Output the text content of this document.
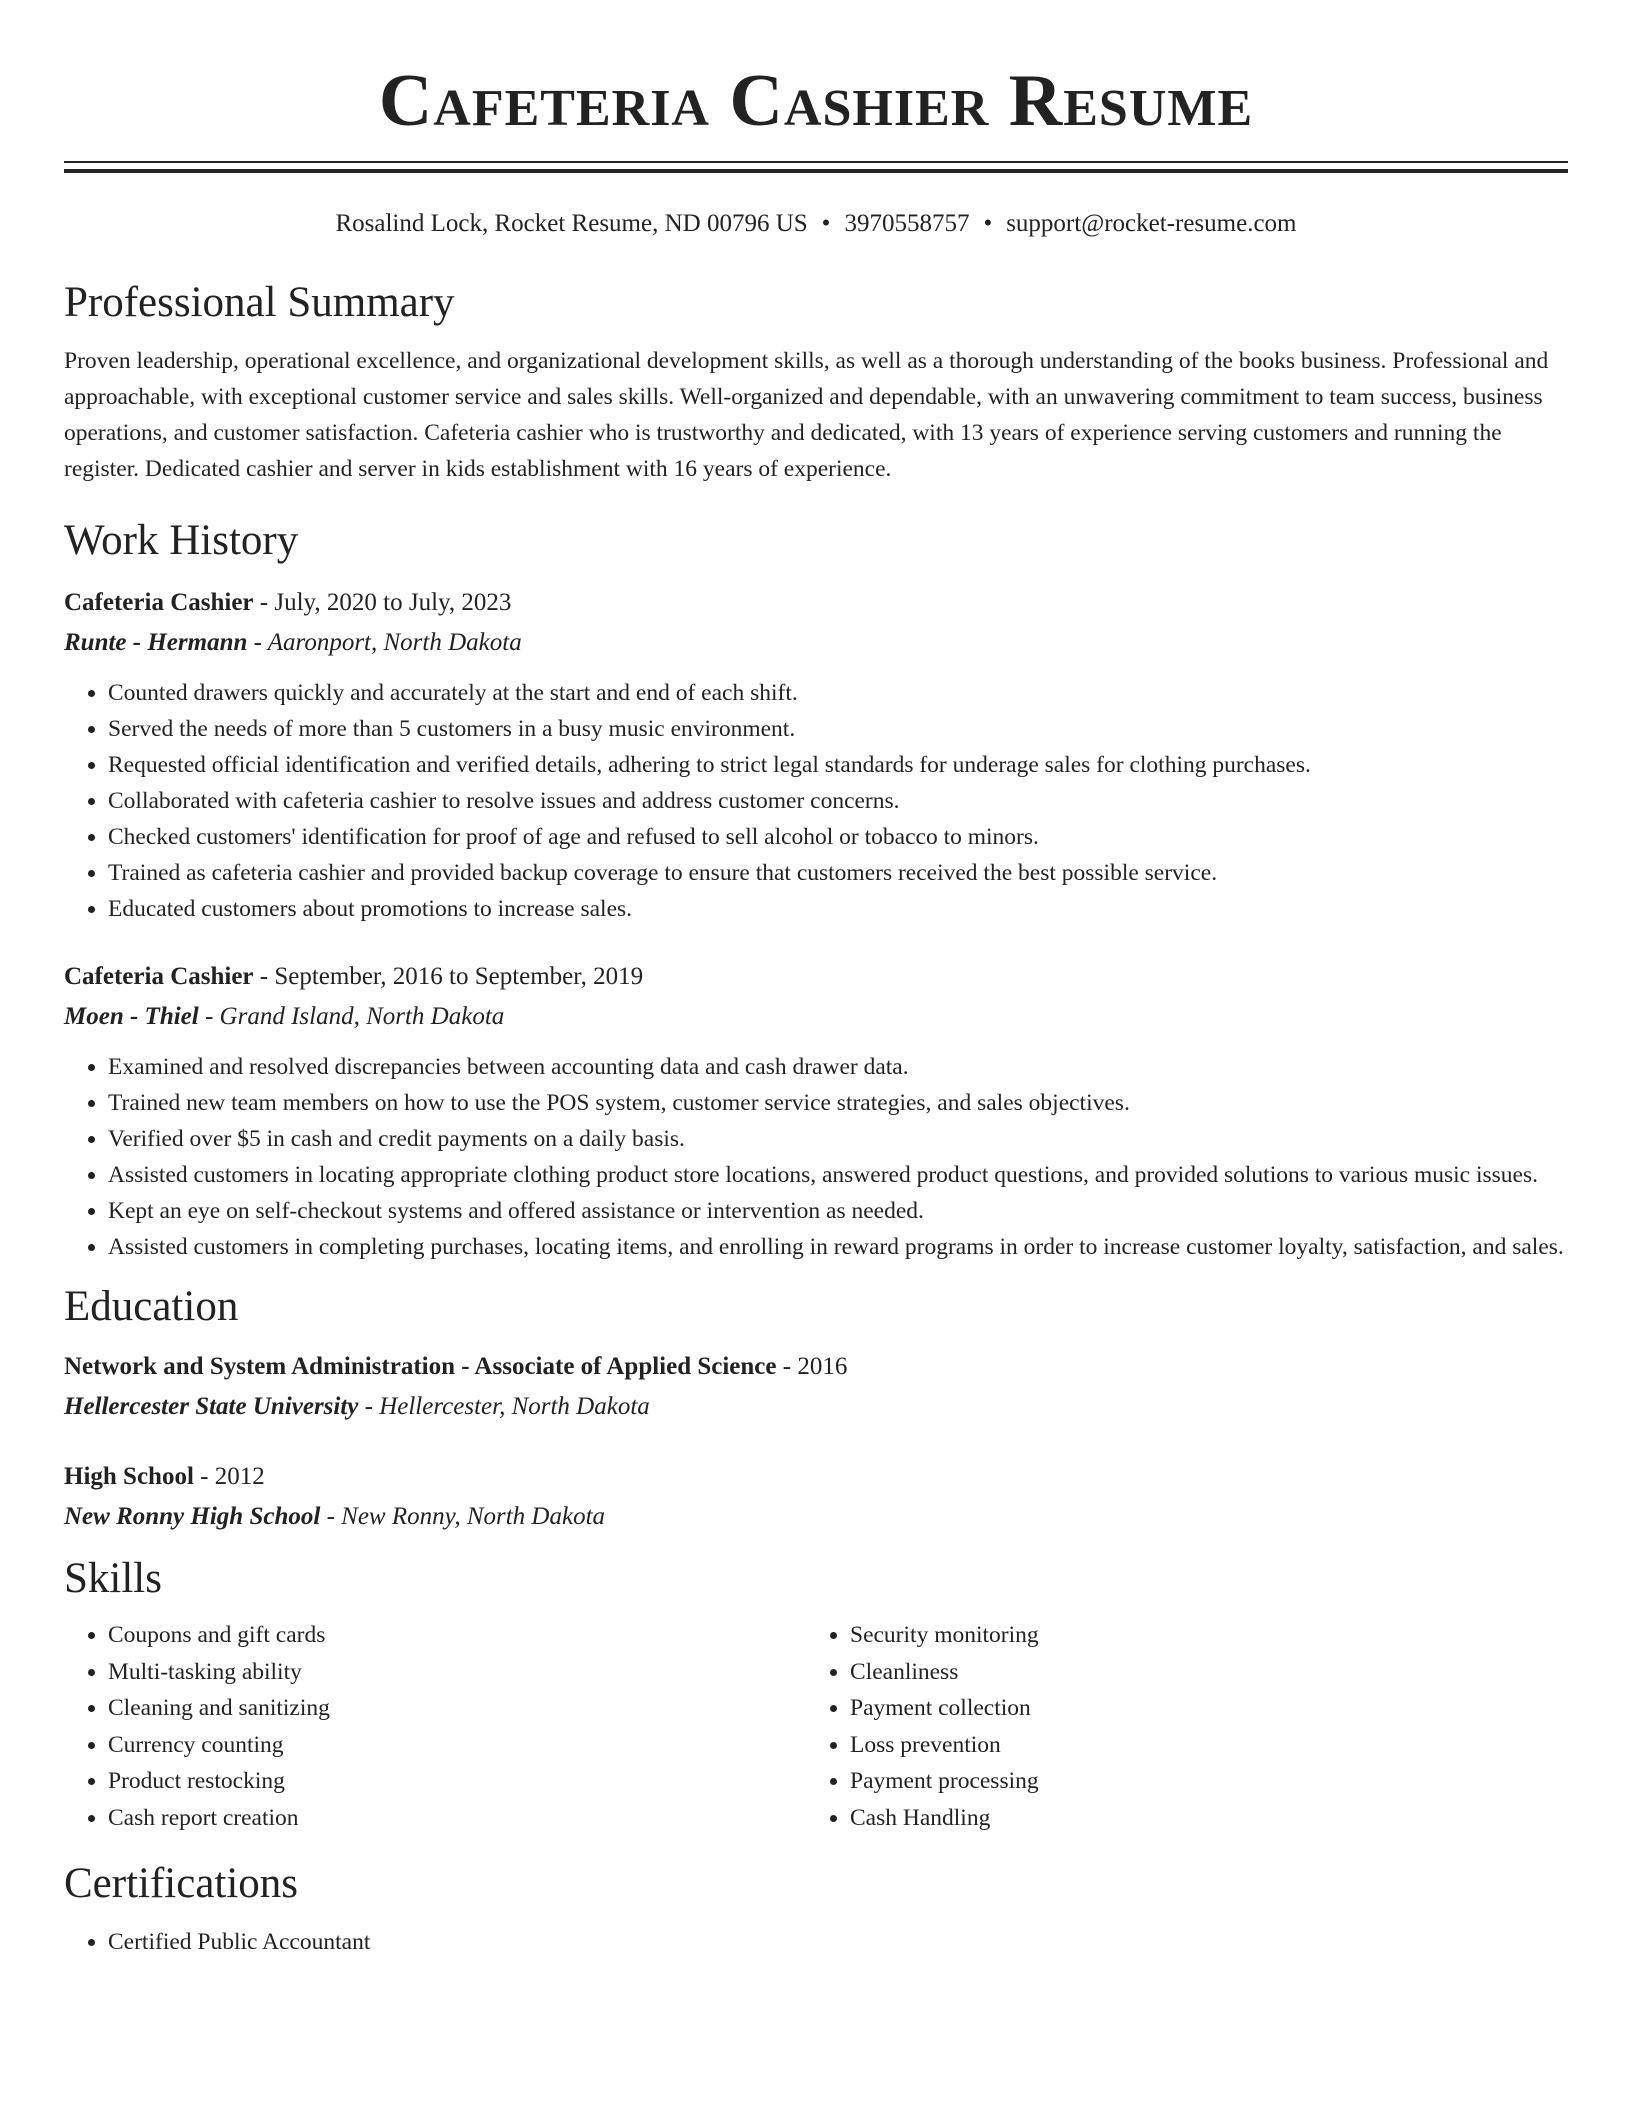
Cafeteria Cashier Resume
Rosalind Lock, Rocket Resume, ND 00796 US • 3970558757 • support@rocket-resume.com
Professional Summary

Proven leadership, operational excellence, and organizational development skills, as well as a thorough understanding of the books business. Professional and approachable, with exceptional customer service and sales skills. Well-organized and dependable, with an unwavering commitment to team success, business operations, and customer satisfaction. Cafeteria cashier who is trustworthy and dedicated, with 13 years of experience serving customers and running the register. Dedicated cashier and server in kids establishment with 16 years of experience.

Work History
Cafeteria Cashier - July, 2020 to July, 2023
Runte - Hermann - Aaronport, North Dakota
• Counted drawers quickly and accurately at the start and end of each shift.
• Served the needs of more than 5 customers in a busy music environment.
• Requested official identification and verified details, adhering to strict legal standards for underage sales for clothing purchases.
• Collaborated with cafeteria cashier to resolve issues and address customer concerns.
• Checked customers' identification for proof of age and refused to sell alcohol or tobacco to minors.
• Trained as cafeteria cashier and provided backup coverage to ensure that customers received the best possible service.
• Educated customers about promotions to increase sales.
Cafeteria Cashier - September, 2016 to September, 2019
Moen - Thiel - Grand Island, North Dakota
• Examined and resolved discrepancies between accounting data and cash drawer data.
• Trained new team members on how to use the POS system, customer service strategies, and sales objectives.
• Verified over $5 in cash and credit payments on a daily basis.
• Assisted customers in locating appropriate clothing product store locations, answered product questions, and provided solutions to various music issues.
• Kept an eye on self-checkout systems and offered assistance or intervention as needed.
• Assisted customers in completing purchases, locating items, and enrolling in reward programs in order to increase customer loyalty, satisfaction, and sales.
Education
Network and System Administration - Associate of Applied Science - 2016
Hellercester State University - Hellercester, North Dakota
High School - 2012
New Ronny High School - New Ronny, North Dakota
Skills
• Coupons and gift cards
• Multi-tasking ability
• Cleaning and sanitizing
• Currency counting
• Product restocking
• Cash report creation
• Security monitoring
• Cleanliness
• Payment collection
• Loss prevention
• Payment processing
• Cash Handling
Certifications
• Certified Public Accountant
